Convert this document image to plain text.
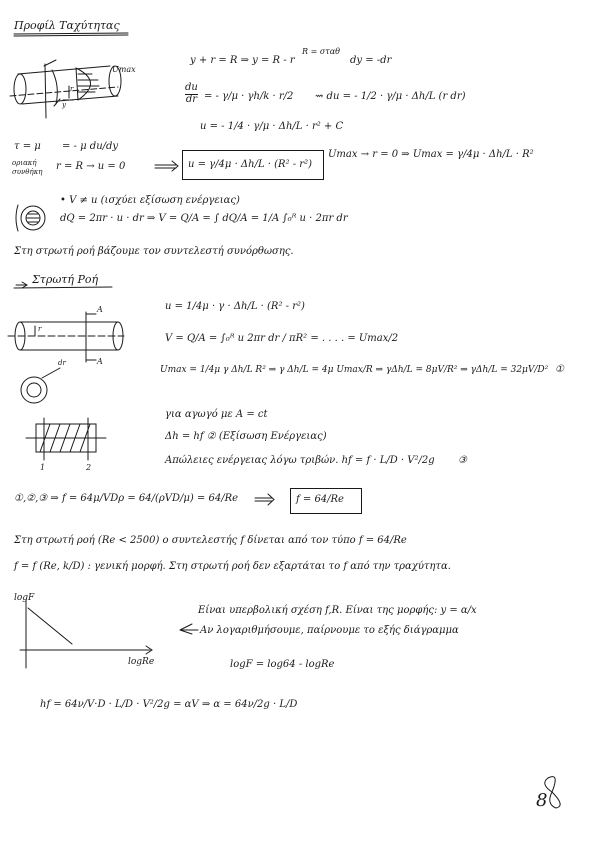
Προφίλ Ταχύτητας
Umax
r
y
y + r = R ⇒ y = R - r
R = σταθ
dy = -dr
du
dr = - γ/μ · γh/k · r/2 ⇝ du = - 1/2 · γ/μ · Δh/L (r dr)
u = - 1/4 · γ/μ · Δh/L · r² + C
τ = μ = - μ du/dy
οριακή
συνθήκη r = R → u = 0	u = γ/4μ · Δh/L · (R² - r²)
Umax → r = 0 ⇒ Umax = γ/4μ · Δh/L · R²
• V ≠ u (ισχύει εξίσωση ενέργειας)
dQ = 2πr · u · dr ⇒ V = Q/A = ∫ dQ/A = 1/A ∫₀ᴿ u · 2πr dr
Στη στρωτή ροή βάζουμε τον συντελεστή συνόρθωσης.
Στρωτή Ροή
A
A
r
dr
u = 1/4μ · γ · Δh/L · (R² - r²)
V = Q/A = ∫₀ᴿ u 2πr dr / πR² = . . . . = Umax/2
Umax = 1/4μ γ Δh/L R² ⇒ γ Δh/L = 4μ Umax/R ⇒ γΔh/L = 8μV/R² ⇒ γΔh/L = 32μV/D² ①
για αγωγό με A = ct
Δh = hf ② (Εξίσωση Ενέργειας)
Απώλειες ενέργειας λόγω τριβών. hf = f · L/D · V²/2g ③
1	2
①,②,③ ⇒ f = 64μ/VDρ = 64/(ρVD/μ) = 64/Re	f = 64/Re
Στη στρωτή ροή (Re < 2500) ο συντελεστής f δίνεται από τον τύπο f = 64/Re
f = f (Re, k/D) : γενική μορφή. Στη στρωτή ροή δεν εξαρτάται το f από την τραχύτητα.
logF
logRe
Είναι υπερβολική σχέση f,R. Είναι της μορφής: y = α/x
Αν λογαριθμήσουμε, παίρνουμε το εξής διάγραμμα
logF = log64 - logRe
hf = 64ν/V·D · L/D · V²/2g = αV ⇒ α = 64ν/2g · L/D
8
